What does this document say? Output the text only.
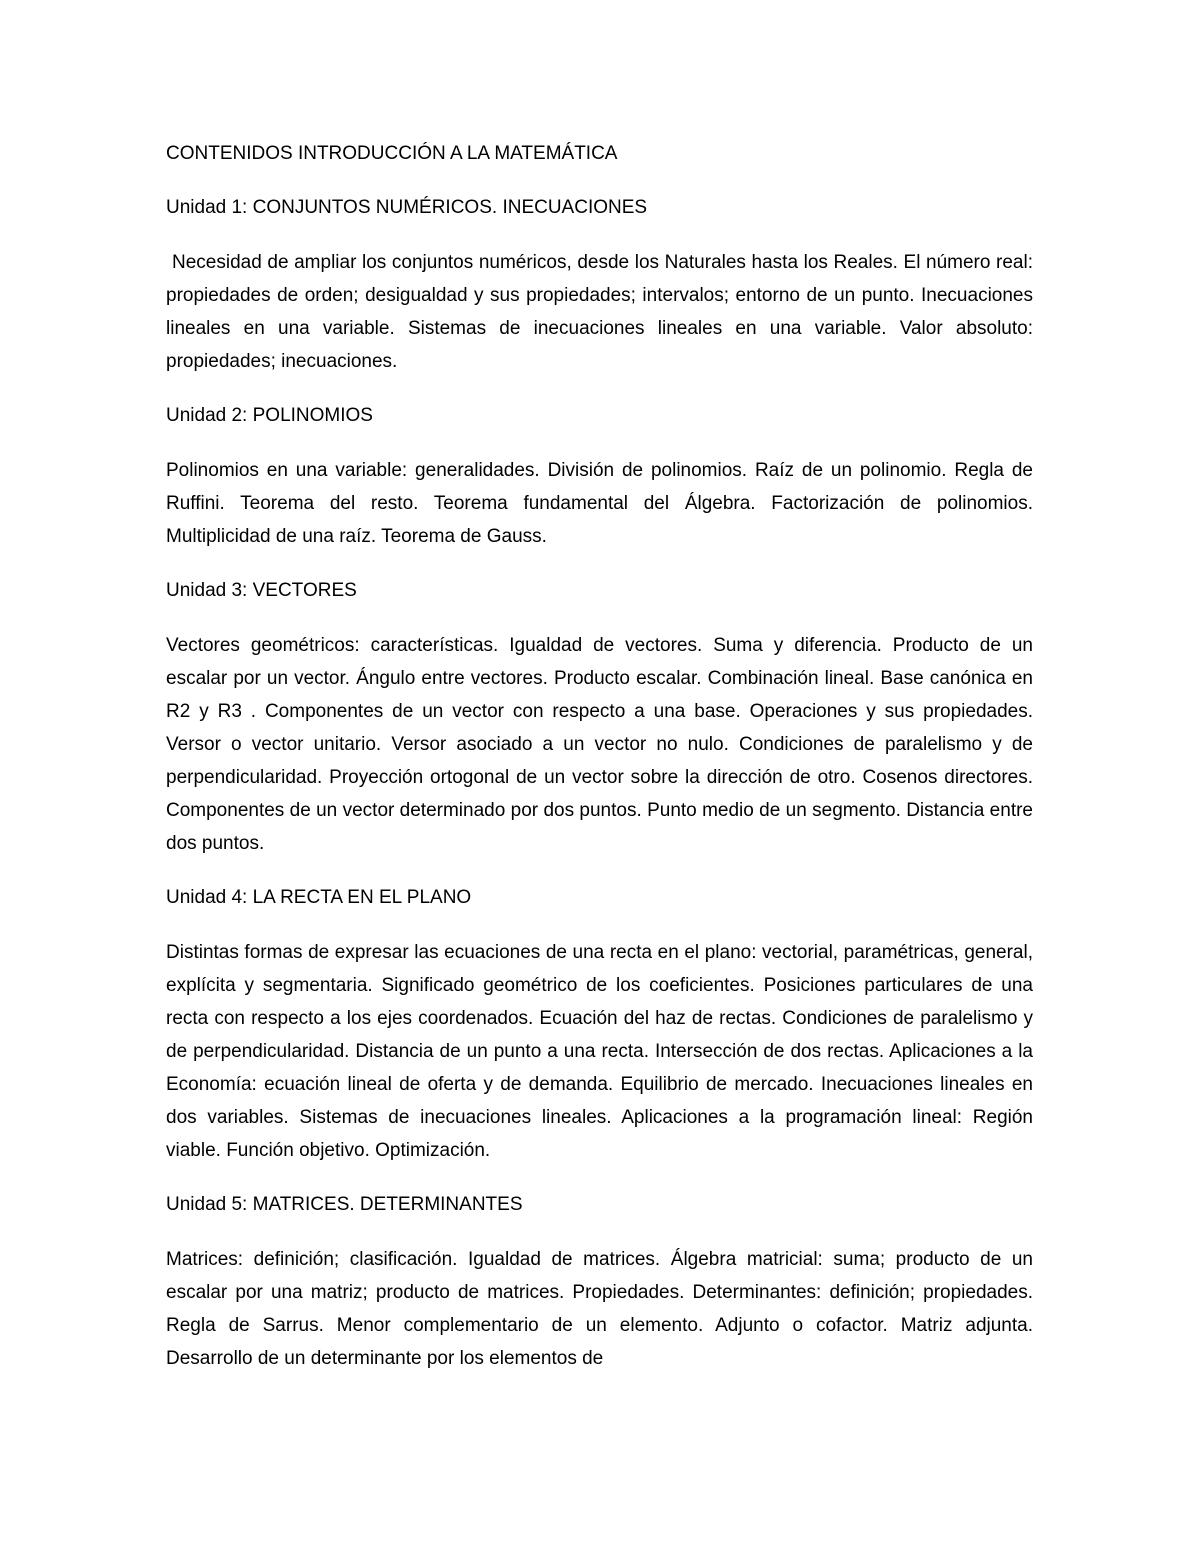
CONTENIDOS INTRODUCCIÓN A LA MATEMÁTICA
Unidad 1: CONJUNTOS NUMÉRICOS. INECUACIONES
Necesidad de ampliar los conjuntos numéricos, desde los Naturales hasta los Reales. El número real: propiedades de orden; desigualdad y sus propiedades; intervalos; entorno de un punto. Inecuaciones lineales en una variable. Sistemas de inecuaciones lineales en una variable. Valor absoluto: propiedades; inecuaciones.
Unidad 2: POLINOMIOS
Polinomios en una variable: generalidades. División de polinomios. Raíz de un polinomio. Regla de Ruffini. Teorema del resto. Teorema fundamental del Álgebra. Factorización de polinomios. Multiplicidad de una raíz. Teorema de Gauss.
Unidad 3: VECTORES
Vectores geométricos: características. Igualdad de vectores. Suma y diferencia. Producto de un escalar por un vector. Ángulo entre vectores. Producto escalar. Combinación lineal. Base canónica en R2 y R3 . Componentes de un vector con respecto a una base. Operaciones y sus propiedades. Versor o vector unitario. Versor asociado a un vector no nulo. Condiciones de paralelismo y de perpendicularidad. Proyección ortogonal de un vector sobre la dirección de otro. Cosenos directores. Componentes de un vector determinado por dos puntos. Punto medio de un segmento. Distancia entre dos puntos.
Unidad 4: LA RECTA EN EL PLANO
Distintas formas de expresar las ecuaciones de una recta en el plano: vectorial, paramétricas, general, explícita y segmentaria. Significado geométrico de los coeficientes. Posiciones particulares de una recta con respecto a los ejes coordenados. Ecuación del haz de rectas. Condiciones de paralelismo y de perpendicularidad. Distancia de un punto a una recta. Intersección de dos rectas. Aplicaciones a la Economía: ecuación lineal de oferta y de demanda. Equilibrio de mercado. Inecuaciones lineales en dos variables. Sistemas de inecuaciones lineales. Aplicaciones a la programación lineal: Región viable. Función objetivo. Optimización.
Unidad 5: MATRICES. DETERMINANTES
Matrices: definición; clasificación. Igualdad de matrices. Álgebra matricial: suma; producto de un escalar por una matriz; producto de matrices. Propiedades. Determinantes: definición; propiedades. Regla de Sarrus. Menor complementario de un elemento. Adjunto o cofactor. Matriz adjunta. Desarrollo de un determinante por los elementos de
